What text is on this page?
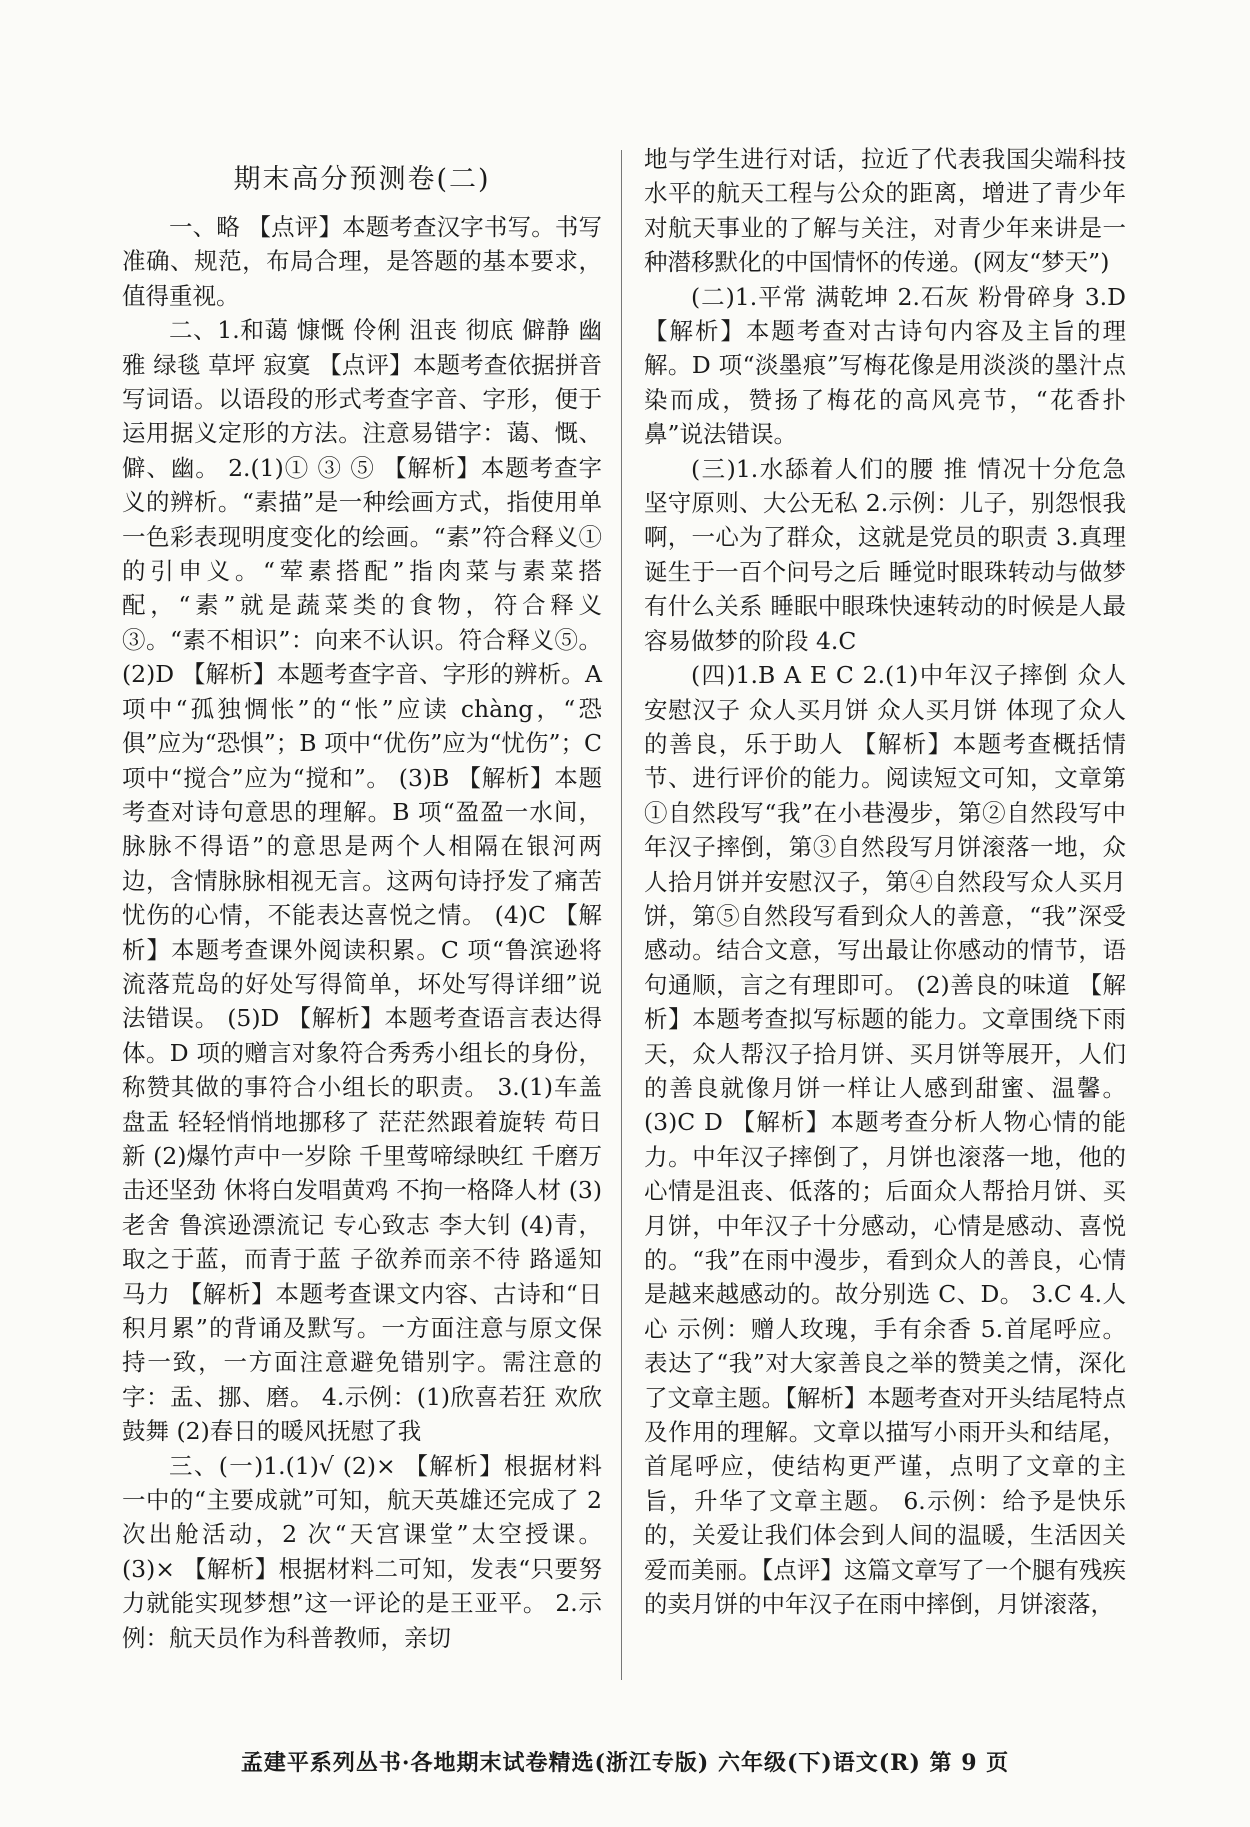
期末高分预测卷(二)

一、略 【点评】本题考查汉字书写。书写准确、规范，布局合理，是答题的基本要求，值得重视。

二、1.和蔼 慷慨 伶俐 沮丧 彻底 僻静 幽雅 绿毯 草坪 寂寞 【点评】本题考查依据拼音写词语。以语段的形式考查字音、字形，便于运用据义定形的方法。注意易错字：蔼、慨、僻、幽。 2.(1)① ③ ⑤ 【解析】本题考查字义的辨析。“素描”是一种绘画方式，指使用单一色彩表现明度变化的绘画。“素”符合释义①的引申义。“荤素搭配”指肉菜与素菜搭配，“素”就是蔬菜类的食物，符合释义③。“素不相识”：向来不认识。符合释义⑤。 (2)D 【解析】本题考查字音、字形的辨析。A 项中“孤独惆怅”的“怅”应读 chàng，“恐俱”应为“恐惧”；B 项中“优伤”应为“忧伤”；C 项中“搅合”应为“搅和”。 (3)B 【解析】本题考查对诗句意思的理解。B 项“盈盈一水间，脉脉不得语”的意思是两个人相隔在银河两边，含情脉脉相视无言。这两句诗抒发了痛苦忧伤的心情，不能表达喜悦之情。 (4)C 【解析】本题考查课外阅读积累。C 项“鲁滨逊将流落荒岛的好处写得简单，坏处写得详细”说法错误。 (5)D 【解析】本题考查语言表达得体。D 项的赠言对象符合秀秀小组长的身份，称赞其做的事符合小组长的职责。 3.(1)车盖 盘盂 轻轻悄悄地挪移了 茫茫然跟着旋转 苟日新 (2)爆竹声中一岁除 千里莺啼绿映红 千磨万击还坚劲 休将白发唱黄鸡 不拘一格降人材 (3)老舍 鲁滨逊漂流记 专心致志 李大钊 (4)青，取之于蓝，而青于蓝 子欲养而亲不待 路遥知马力 【解析】本题考查课文内容、古诗和“日积月累”的背诵及默写。一方面注意与原文保持一致，一方面注意避免错别字。需注意的字：盂、挪、磨。 4.示例：(1)欣喜若狂 欢欣鼓舞 (2)春日的暖风抚慰了我

三、(一)1.(1)√ (2)× 【解析】根据材料一中的“主要成就”可知，航天英雄还完成了 2 次出舱活动，2 次“天宫课堂”太空授课。 (3)× 【解析】根据材料二可知，发表“只要努力就能实现梦想”这一评论的是王亚平。 2.示例：航天员作为科普教师，亲切

地与学生进行对话，拉近了代表我国尖端科技水平的航天工程与公众的距离，增进了青少年对航天事业的了解与关注，对青少年来讲是一种潜移默化的中国情怀的传递。(网友“梦天”)

(二)1.平常 满乾坤 2.石灰 粉骨碎身 3.D 【解析】本题考查对古诗句内容及主旨的理解。D 项“淡墨痕”写梅花像是用淡淡的墨汁点染而成，赞扬了梅花的高风亮节，“花香扑鼻”说法错误。

(三)1.水舔着人们的腰 推 情况十分危急 坚守原则、大公无私 2.示例：儿子，别怨恨我啊，一心为了群众，这就是党员的职责 3.真理诞生于一百个问号之后 睡觉时眼珠转动与做梦有什么关系 睡眠中眼珠快速转动的时候是人最容易做梦的阶段 4.C

(四)1.B A E C 2.(1)中年汉子摔倒 众人安慰汉子 众人买月饼 众人买月饼 体现了众人的善良，乐于助人 【解析】本题考查概括情节、进行评价的能力。阅读短文可知，文章第①自然段写“我”在小巷漫步，第②自然段写中年汉子摔倒，第③自然段写月饼滚落一地，众人拾月饼并安慰汉子，第④自然段写众人买月饼，第⑤自然段写看到众人的善意，“我”深受感动。结合文意，写出最让你感动的情节，语句通顺，言之有理即可。 (2)善良的味道 【解析】本题考查拟写标题的能力。文章围绕下雨天，众人帮汉子拾月饼、买月饼等展开，人们的善良就像月饼一样让人感到甜蜜、温馨。 (3)C D 【解析】本题考查分析人物心情的能力。中年汉子摔倒了，月饼也滚落一地，他的心情是沮丧、低落的；后面众人帮拾月饼、买月饼，中年汉子十分感动，心情是感动、喜悦的。“我”在雨中漫步，看到众人的善良，心情是越来越感动的。故分别选 C、D。 3.C 4.人心 示例：赠人玫瑰，手有余香 5.首尾呼应。表达了“我”对大家善良之举的赞美之情，深化了文章主题。【解析】本题考查对开头结尾特点及作用的理解。文章以描写小雨开头和结尾，首尾呼应，使结构更严谨，点明了文章的主旨，升华了文章主题。 6.示例：给予是快乐的，关爱让我们体会到人间的温暖，生活因关爱而美丽。【点评】这篇文章写了一个腿有残疾的卖月饼的中年汉子在雨中摔倒，月饼滚落，

孟建平系列丛书·各地期末试卷精选(浙江专版) 六年级(下)语文(R) 第 9 页
